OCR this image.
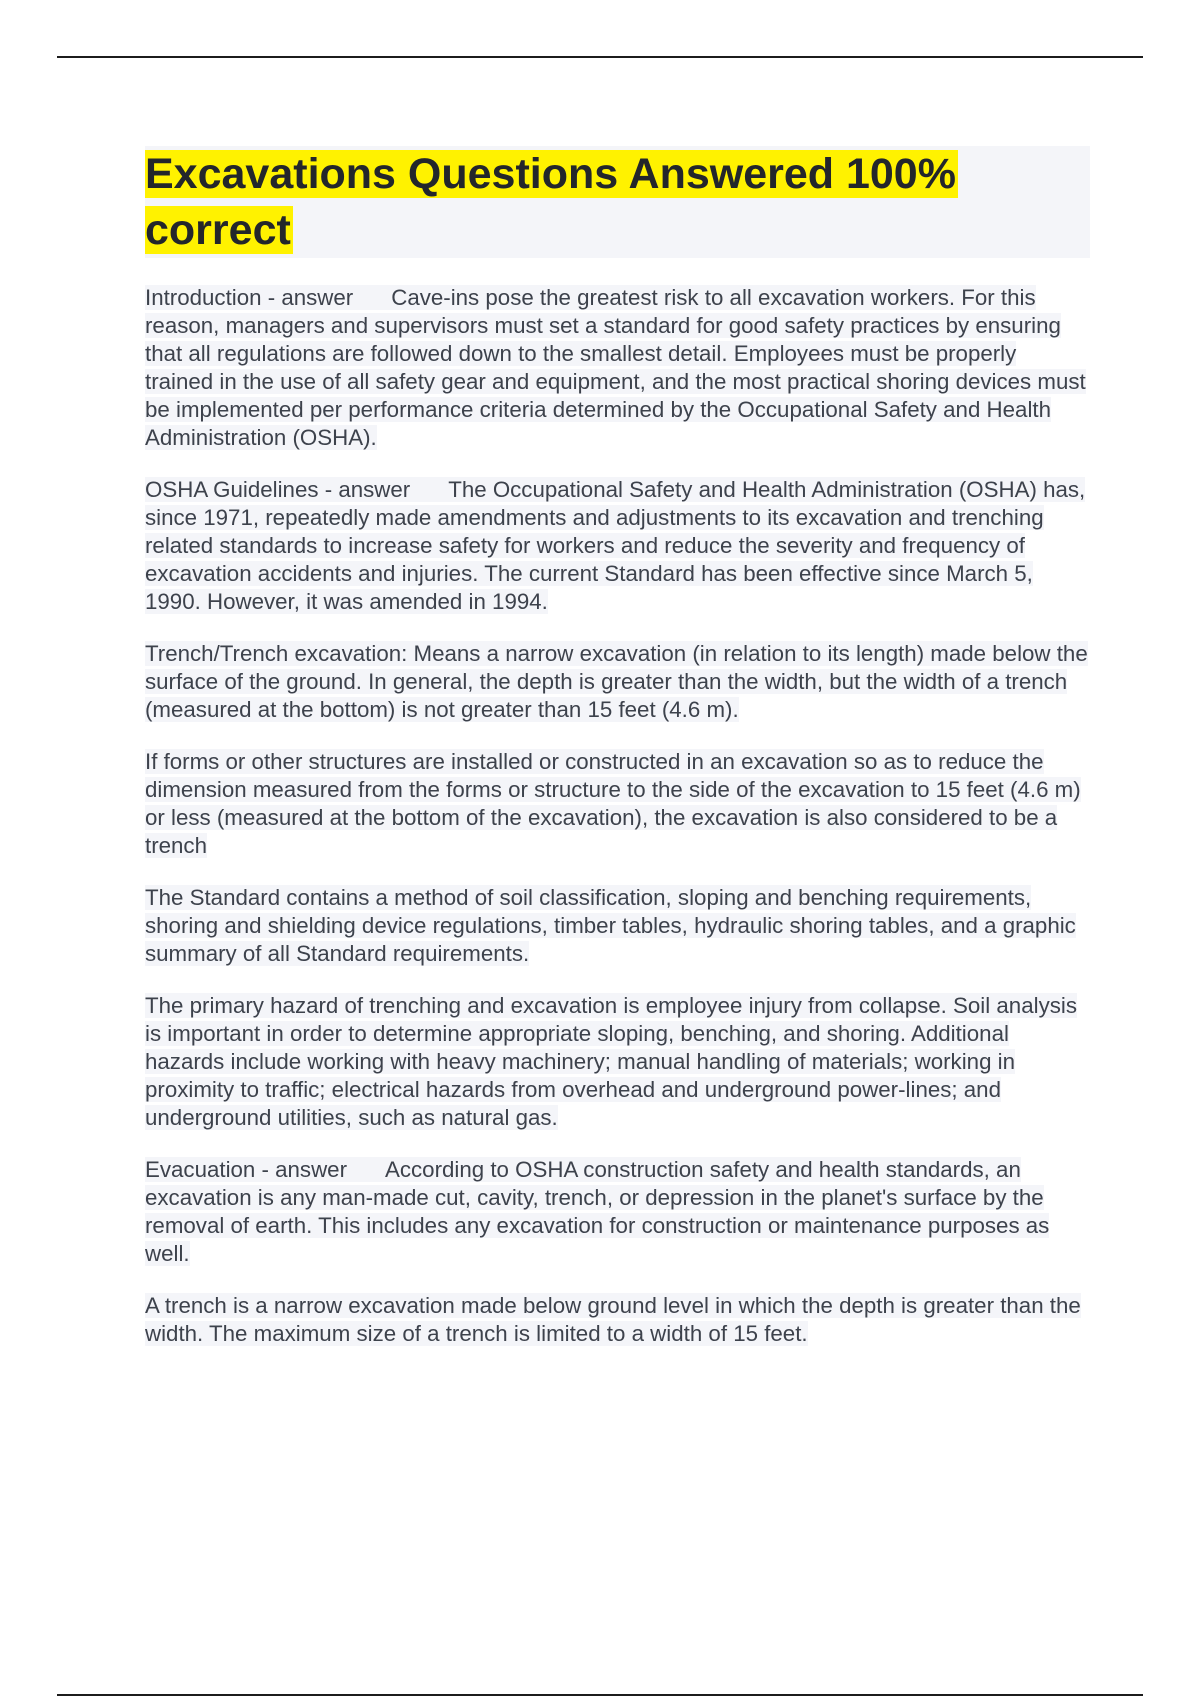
Excavations Questions Answered 100% correct

Introduction - answer Cave-ins pose the greatest risk to all excavation workers. For this reason, managers and supervisors must set a standard for good safety practices by ensuring that all regulations are followed down to the smallest detail. Employees must be properly trained in the use of all safety gear and equipment, and the most practical shoring devices must be implemented per performance criteria determined by the Occupational Safety and Health Administration (OSHA).

OSHA Guidelines - answer The Occupational Safety and Health Administration (OSHA) has, since 1971, repeatedly made amendments and adjustments to its excavation and trenching related standards to increase safety for workers and reduce the severity and frequency of excavation accidents and injuries. The current Standard has been effective since March 5, 1990. However, it was amended in 1994.

Trench/Trench excavation: Means a narrow excavation (in relation to its length) made below the surface of the ground. In general, the depth is greater than the width, but the width of a trench (measured at the bottom) is not greater than 15 feet (4.6 m).

If forms or other structures are installed or constructed in an excavation so as to reduce the dimension measured from the forms or structure to the side of the excavation to 15 feet (4.6 m) or less (measured at the bottom of the excavation), the excavation is also considered to be a trench

The Standard contains a method of soil classification, sloping and benching requirements, shoring and shielding device regulations, timber tables, hydraulic shoring tables, and a graphic summary of all Standard requirements.

The primary hazard of trenching and excavation is employee injury from collapse. Soil analysis is important in order to determine appropriate sloping, benching, and shoring. Additional hazards include working with heavy machinery; manual handling of materials; working in proximity to traffic; electrical hazards from overhead and underground power-lines; and underground utilities, such as natural gas.

Evacuation - answer According to OSHA construction safety and health standards, an excavation is any man-made cut, cavity, trench, or depression in the planet's surface by the removal of earth. This includes any excavation for construction or maintenance purposes as well.

A trench is a narrow excavation made below ground level in which the depth is greater than the width. The maximum size of a trench is limited to a width of 15 feet.
